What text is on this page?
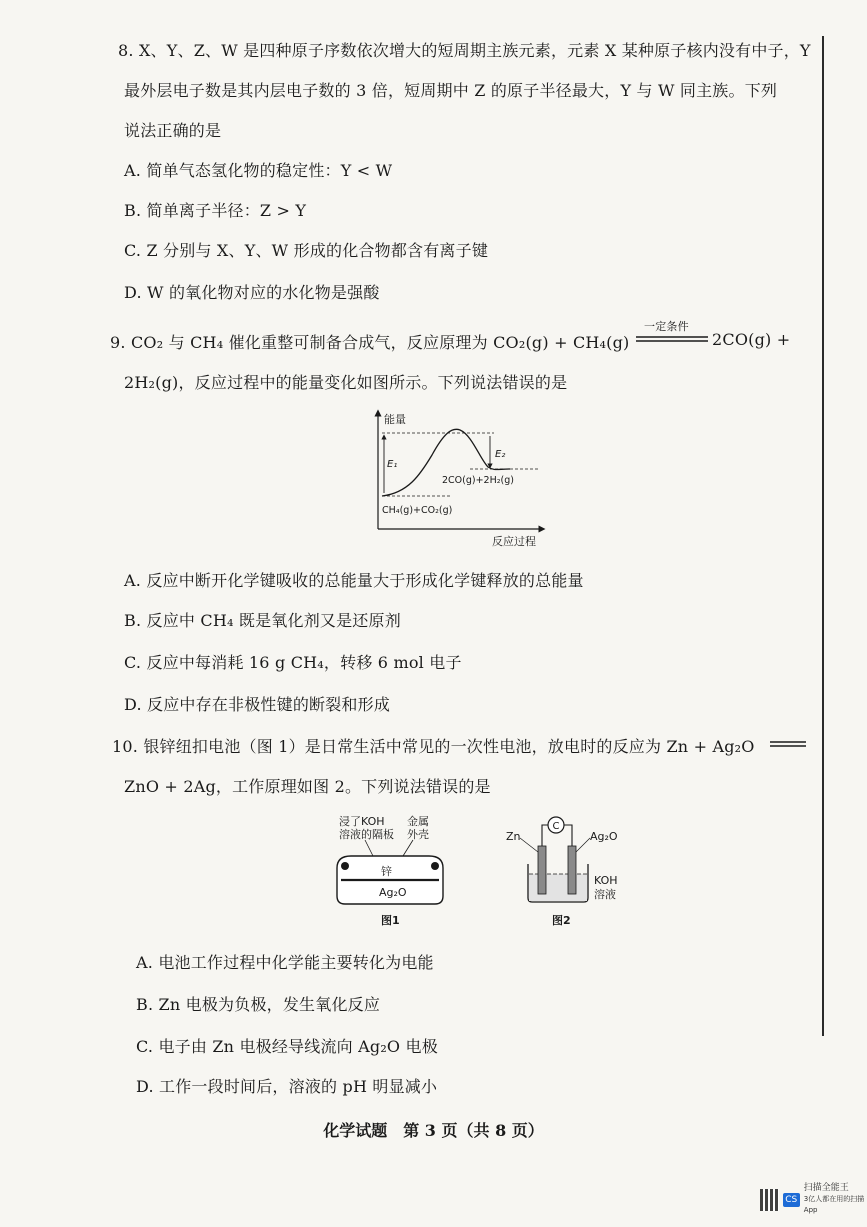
8. X、Y、Z、W 是四种原子序数依次增大的短周期主族元素，元素 X 某种原子核内没有中子，Y
最外层电子数是其内层电子数的 3 倍，短周期中 Z 的原子半径最大，Y 与 W 同主族。下列
说法正确的是
A. 简单气态氢化物的稳定性：Y < W
B. 简单离子半径：Z > Y
C. Z 分别与 X、Y、W 形成的化合物都含有离子键
D. W 的氧化物对应的水化物是强酸
9. CO₂ 与 CH₄ 催化重整可制备合成气，反应原理为 CO₂(g) + CH₄(g)
一定条件
2CO(g) +
2H₂(g)，反应过程中的能量变化如图所示。下列说法错误的是
能量
反应过程
E₁
E₂
CH₄(g)+CO₂(g)
2CO(g)+2H₂(g)
A. 反应中断开化学键吸收的总能量大于形成化学键释放的总能量
B. 反应中 CH₄ 既是氧化剂又是还原剂
C. 反应中每消耗 16 g CH₄，转移 6 mol 电子
D. 反应中存在非极性键的断裂和形成
10. 银锌纽扣电池（图 1）是日常生活中常见的一次性电池，放电时的反应为 Zn + Ag₂O
ZnO + 2Ag，工作原理如图 2。下列说法错误的是
浸了KOH
溶液的隔板
金属
外壳
锌
Ag₂O
图1
C
Zn	Ag₂O
KOH
溶液
图2
A. 电池工作过程中化学能主要转化为电能
B. Zn 电极为负极，发生氧化反应
C. 电子由 Zn 电极经导线流向 Ag₂O 电极
D. 工作一段时间后，溶液的 pH 明显减小
化学试题　第 3 页（共 8 页）
CS
扫描全能王
3亿人都在用的扫描App
